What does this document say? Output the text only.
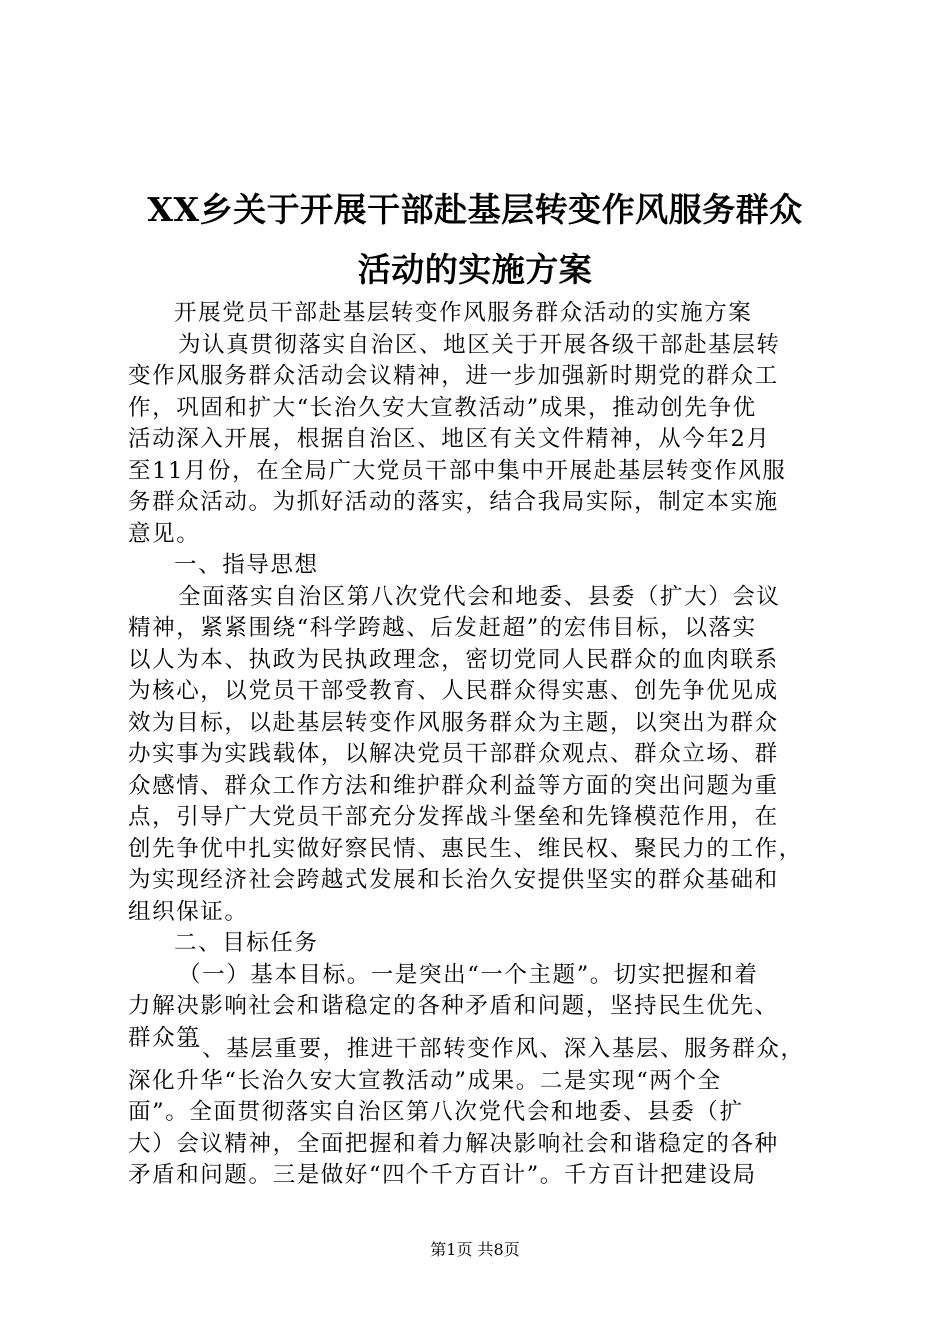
XX乡关于开展干部赴基层转变作风服务群众
活动的实施方案
开展党员干部赴基层转变作风服务群众活动的实施方案
为认真贯彻落实自治区、地区关于开展各级干部赴基层转
变作风服务群众活动会议精神，进一步加强新时期党的群众工
作，巩固和扩大“长治久安大宣教活动”成果，推动创先争优
活动深入开展，根据自治区、地区有关文件精神，从今年2月
至11月份，在全局广大党员干部中集中开展赴基层转变作风服
务群众活动。为抓好活动的落实，结合我局实际，制定本实施
意见。
一、指导思想
全面落实自治区第八次党代会和地委、县委（扩大）会议
精神，紧紧围绕“科学跨越、后发赶超”的宏伟目标，以落实
以人为本、执政为民执政理念，密切党同人民群众的血肉联系
为核心，以党员干部受教育、人民群众得实惠、创先争优见成
效为目标，以赴基层转变作风服务群众为主题，以突出为群众
办实事为实践载体，以解决党员干部群众观点、群众立场、群
众感情、群众工作方法和维护群众利益等方面的突出问题为重
点，引导广大党员干部充分发挥战斗堡垒和先锋模范作用，在
创先争优中扎实做好察民情、惠民生、维民权、聚民力的工作，
为实现经济社会跨越式发展和长治久安提供坚实的群众基础和
组织保证。
二、目标任务
（一）基本目标。一是突出“一个主题”。切实把握和着
力解决影响社会和谐稳定的各种矛盾和问题，坚持民生优先、
群众第
一、基层重要，推进干部转变作风、深入基层、服务群众，
深化升华“长治久安大宣教活动”成果。二是实现“两个全
面”。全面贯彻落实自治区第八次党代会和地委、县委（扩
大）会议精神，全面把握和着力解决影响社会和谐稳定的各种
矛盾和问题。三是做好“四个千方百计”。千方百计把建设局
第1页 共8页
